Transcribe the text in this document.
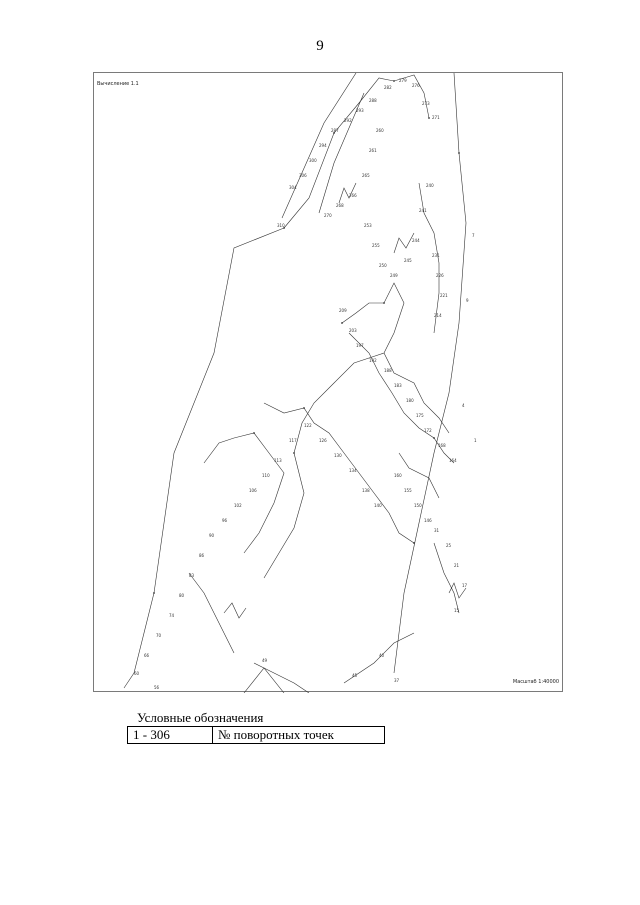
9
Вычисление 1.1
Масштаб 1:40000
310
304
306
300
294
287
292
293
288
282
279
276
273
271
270
268
266
265
261
260
253
255
250
249
245
244
241
240
231
226
221
214
209
203
197
192
188
183
180
175
172
168
164
160
155
150
146
140
138
134
130
126
122
117
113
110
106
102
96
90
86
83
80
74
70
66
60
56
49
45
40
37
31
25
21
17
15
9
7
4
1
Условные обозначения
1 - 306	№ поворотных точек
